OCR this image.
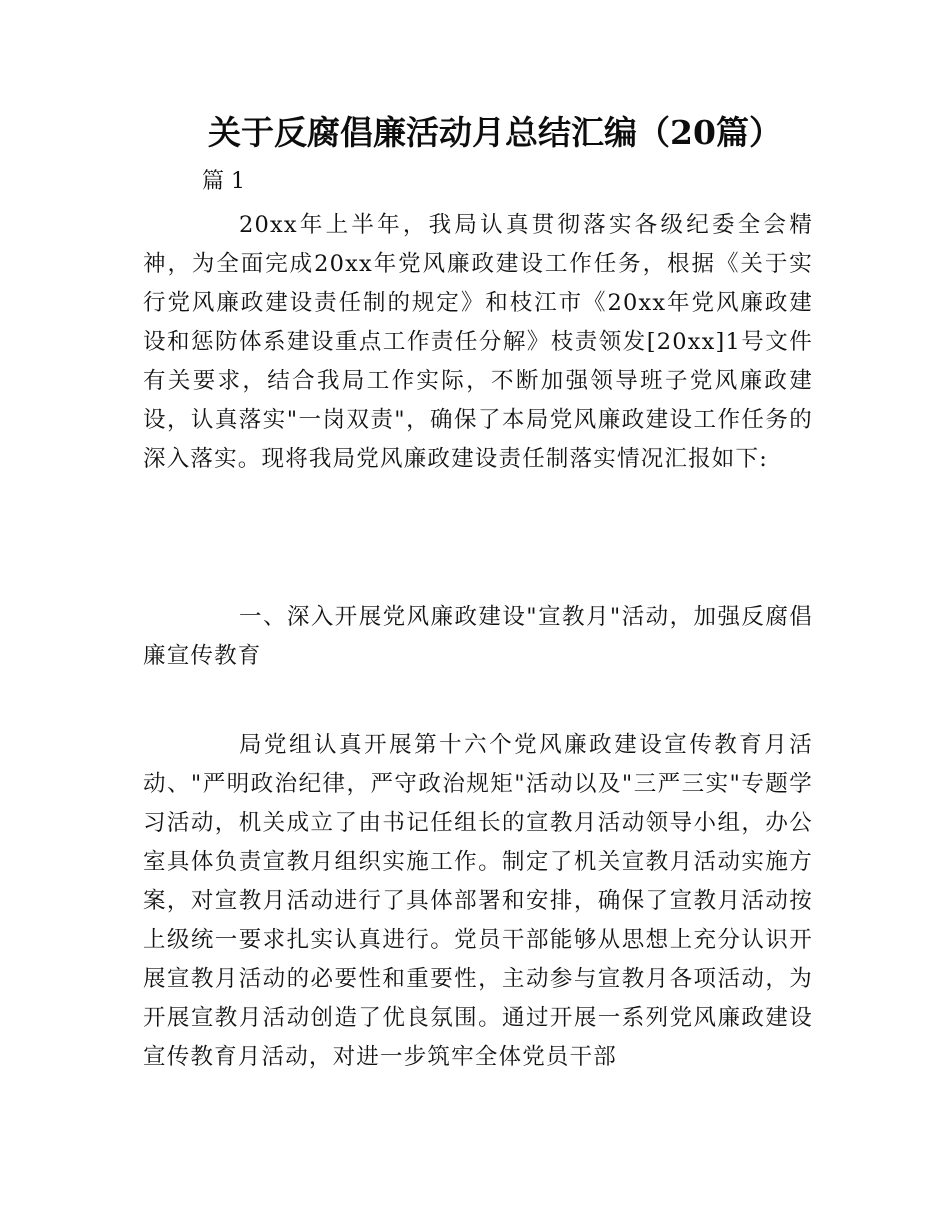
关于反腐倡廉活动月总结汇编（20篇）
篇 1

20xx年上半年，我局认真贯彻落实各级纪委全会精神，为全面完成20xx年党风廉政建设工作任务，根据《关于实行党风廉政建设责任制的规定》和枝江市《20xx年党风廉政建设和惩防体系建设重点工作责任分解》枝责领发[20xx]1号文件有关要求，结合我局工作实际，不断加强领导班子党风廉政建设，认真落实"一岗双责"，确保了本局党风廉政建设工作任务的深入落实。现将我局党风廉政建设责任制落实情况汇报如下:

一、深入开展党风廉政建设"宣教月"活动，加强反腐倡廉宣传教育

局党组认真开展第十六个党风廉政建设宣传教育月活动、"严明政治纪律，严守政治规矩"活动以及"三严三实"专题学习活动，机关成立了由书记任组长的宣教月活动领导小组，办公室具体负责宣教月组织实施工作。制定了机关宣教月活动实施方案，对宣教月活动进行了具体部署和安排，确保了宣教月活动按上级统一要求扎实认真进行。党员干部能够从思想上充分认识开展宣教月活动的必要性和重要性，主动参与宣教月各项活动，为开展宣教月活动创造了优良氛围。通过开展一系列党风廉政建设宣传教育月活动，对进一步筑牢全体党员干部
